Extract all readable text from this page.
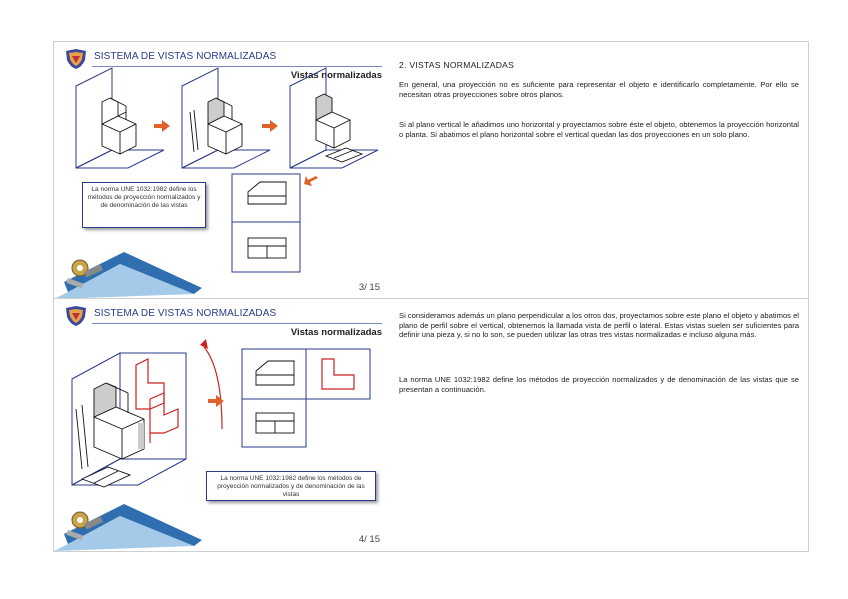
SISTEMA DE VISTAS NORMALIZADAS
Vistas normalizadas
La norma UNE 1032:1982 define los métodos de proyección normalizados y de denominación de las vistas
3/ 15
2. VISTAS NORMALIZADAS
En general, una proyección no es suficiente para representar el objeto e identificarlo completamente. Por ello se necesitan otras proyecciones sobre otros planos.
Si al plano vertical le añadimos uno horizontal y proyectamos sobre éste el objeto, obtenemos la proyección horizontal o planta. Si abatimos el plano horizontal sobre el vertical quedan las dos proyecciones en un solo plano.
SISTEMA DE VISTAS NORMALIZADAS
Vistas normalizadas
La norma UNE 1032:1982 define los métodos de proyección normalizados y de denominación de las vistas
4/ 15
Si consideramos además un plano perpendicular a los otros dos, proyectamos sobre este plano el objeto y abatimos el plano de perfil sobre el vertical, obtenemos la llamada vista de perfil o lateral. Estas vistas suelen ser suficientes para definir una pieza y, si no lo son, se pueden utilizar las otras tres vistas normalizadas e incluso alguna más.
La norma UNE 1032:1982 define los métodos de proyección normalizados y de denominación de las vistas que se presentan a continuación.
